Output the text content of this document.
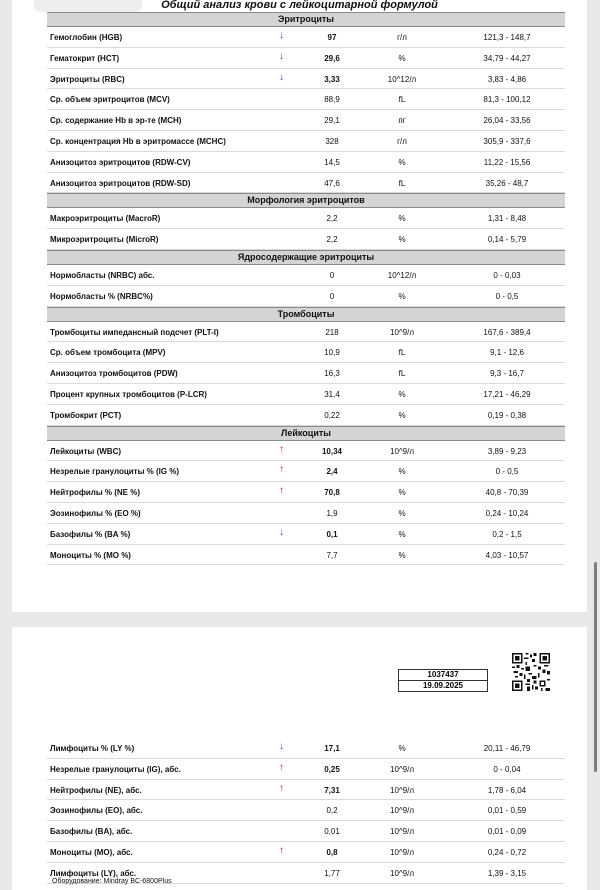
Общий анализ крови с лейкоцитарной формулой
Эритроциты
Гемоглобин (HGB)	↓	97	г/л	121,3 - 148,7
Гематокрит (HCT)	↓	29,6	%	34,79 - 44,27
Эритроциты (RBC)	↓	3,33	10^12/л	3,83 - 4,86
Ср. объем эритроцитов (MCV)	88,9	fL	81,3 - 100,12
Ср. содержание Hb в эр-те (MCH)	29,1	пг	26,04 - 33,56
Ср. концентрация Hb в эритромассе (MCHC)	328	г/л	305,9 - 337,6
Анизоцитоз эритроцитов (RDW-CV)	14,5	%	11,22 - 15,56
Анизоцитоз эритроцитов (RDW-SD)	47,6	fL	35,26 - 48,7
Морфология эритроцитов
Макроэритроциты (MacroR)	2,2	%	1,31 - 8,48
Микроэритроциты (MicroR)	2,2	%	0,14 - 5,79
Ядросодержащие эритроциты
Нормобласты (NRBC) абс.	0	10^12/л	0 - 0,03
Нормобласты % (NRBC%)	0	%	0 - 0,5
Тромбоциты
Тромбоциты импедансный подсчет (PLT-I)	218	10^9/л	167,6 - 389,4
Ср. объем тромбоцита (MPV)	10,9	fL	9,1 - 12,6
Анизоцитоз тромбоцитов (PDW)	16,3	fL	9,3 - 16,7
Процент крупных тромбоцитов (P-LCR)	31,4	%	17,21 - 46,29
Тромбокрит (PCT)	0,22	%	0,19 - 0,38
Лейкоциты
Лейкоциты (WBC)	↑	10,34	10^9/л	3,89 - 9,23
Незрелые гранулоциты % (IG %)	↑	2,4	%	0 - 0,5
Нейтрофилы % (NE %)	↑	70,8	%	40,8 - 70,39
Эозинофилы % (EO %)	1,9	%	0,24 - 10,24
Базофилы % (BA %)	↓	0,1	%	0,2 - 1,5
Моноциты % (MO %)	7,7	%	4,03 - 10,57
1037437
19.09.2025
Лимфоциты % (LY %)	↓	17,1	%	20,11 - 46,79
Незрелые гранулоциты (IG), абс.	↑	0,25	10^9/л	0 - 0,04
Нейтрофилы (NE), абс.	↑	7,31	10^9/л	1,78 - 6,04
Эозинофилы (EO), абс.	0,2	10^9/л	0,01 - 0,59
Базофилы (BA), абс.	0,01	10^9/л	0,01 - 0,09
Моноциты (MO), абс.	↑	0,8	10^9/л	0,24 - 0,72
Лимфоциты (LY), абс.	1,77	10^9/л	1,39 - 3,15
Оборудование: Mindray BC-6800Plus
